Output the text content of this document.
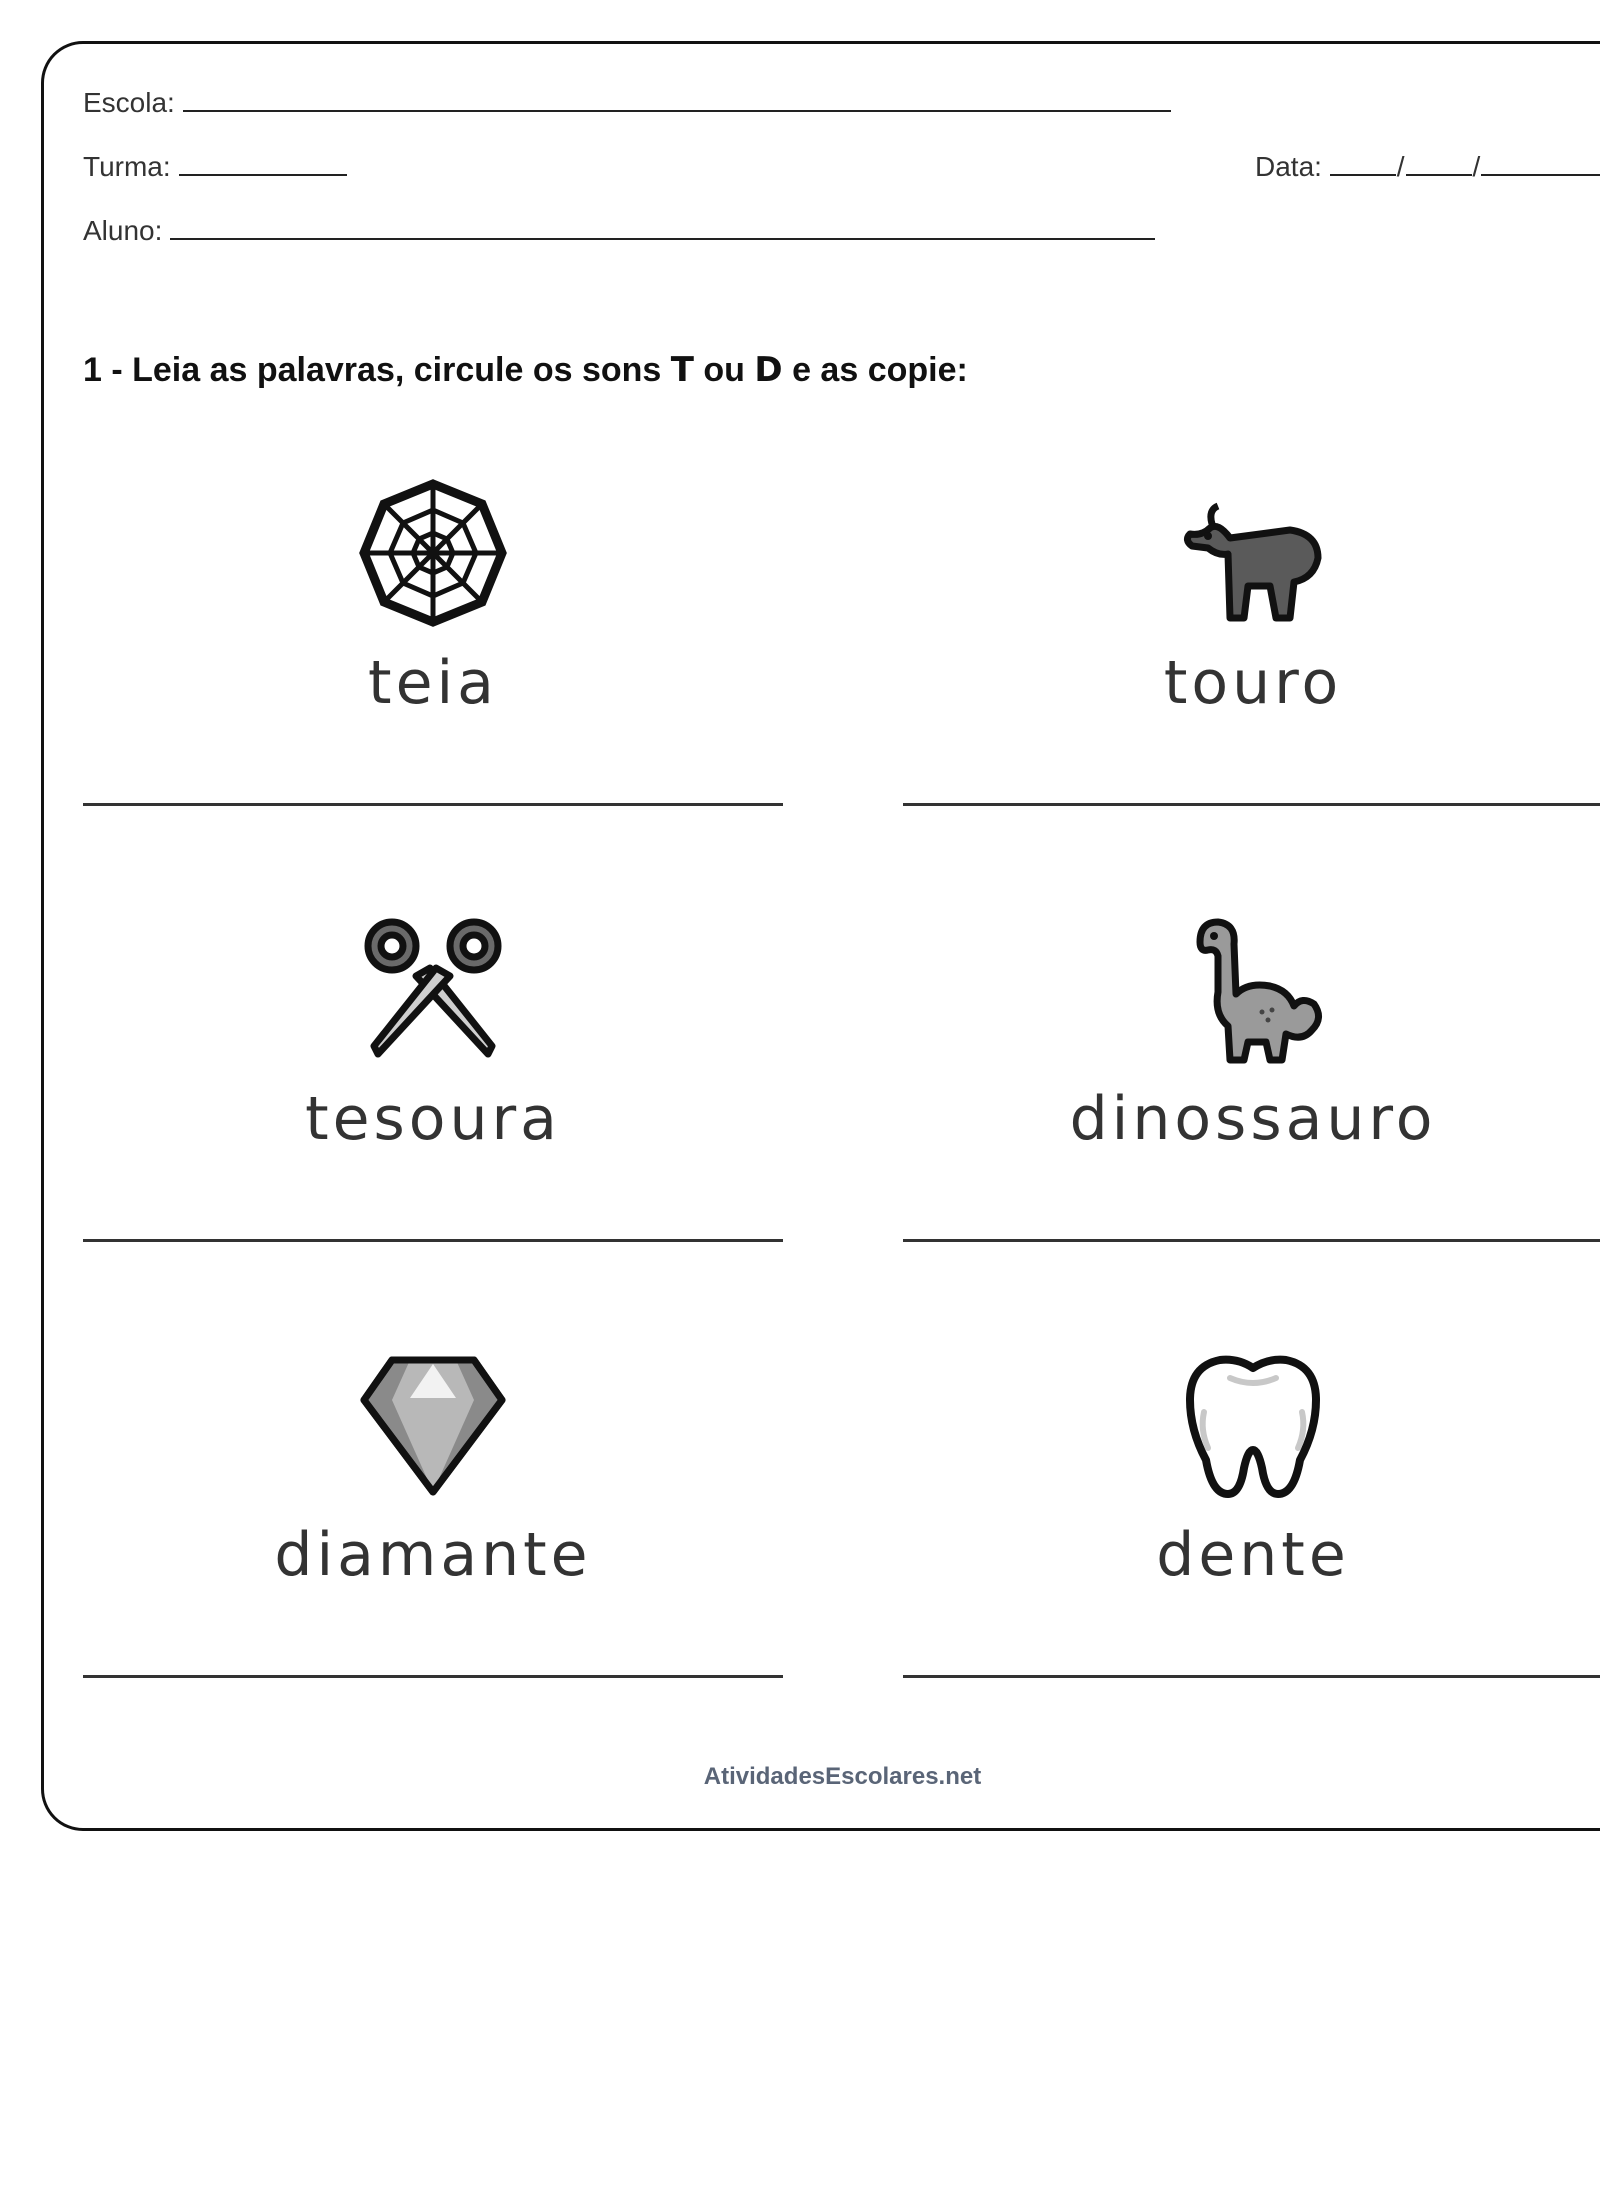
Escola:
Turma:	Data:	/ /
Aluno:
1 - Leia as palavras, circule os sons T ou D e as copie:
teia	touro
tesoura	dinossauro
diamante	dente
AtividadesEscolares.net
